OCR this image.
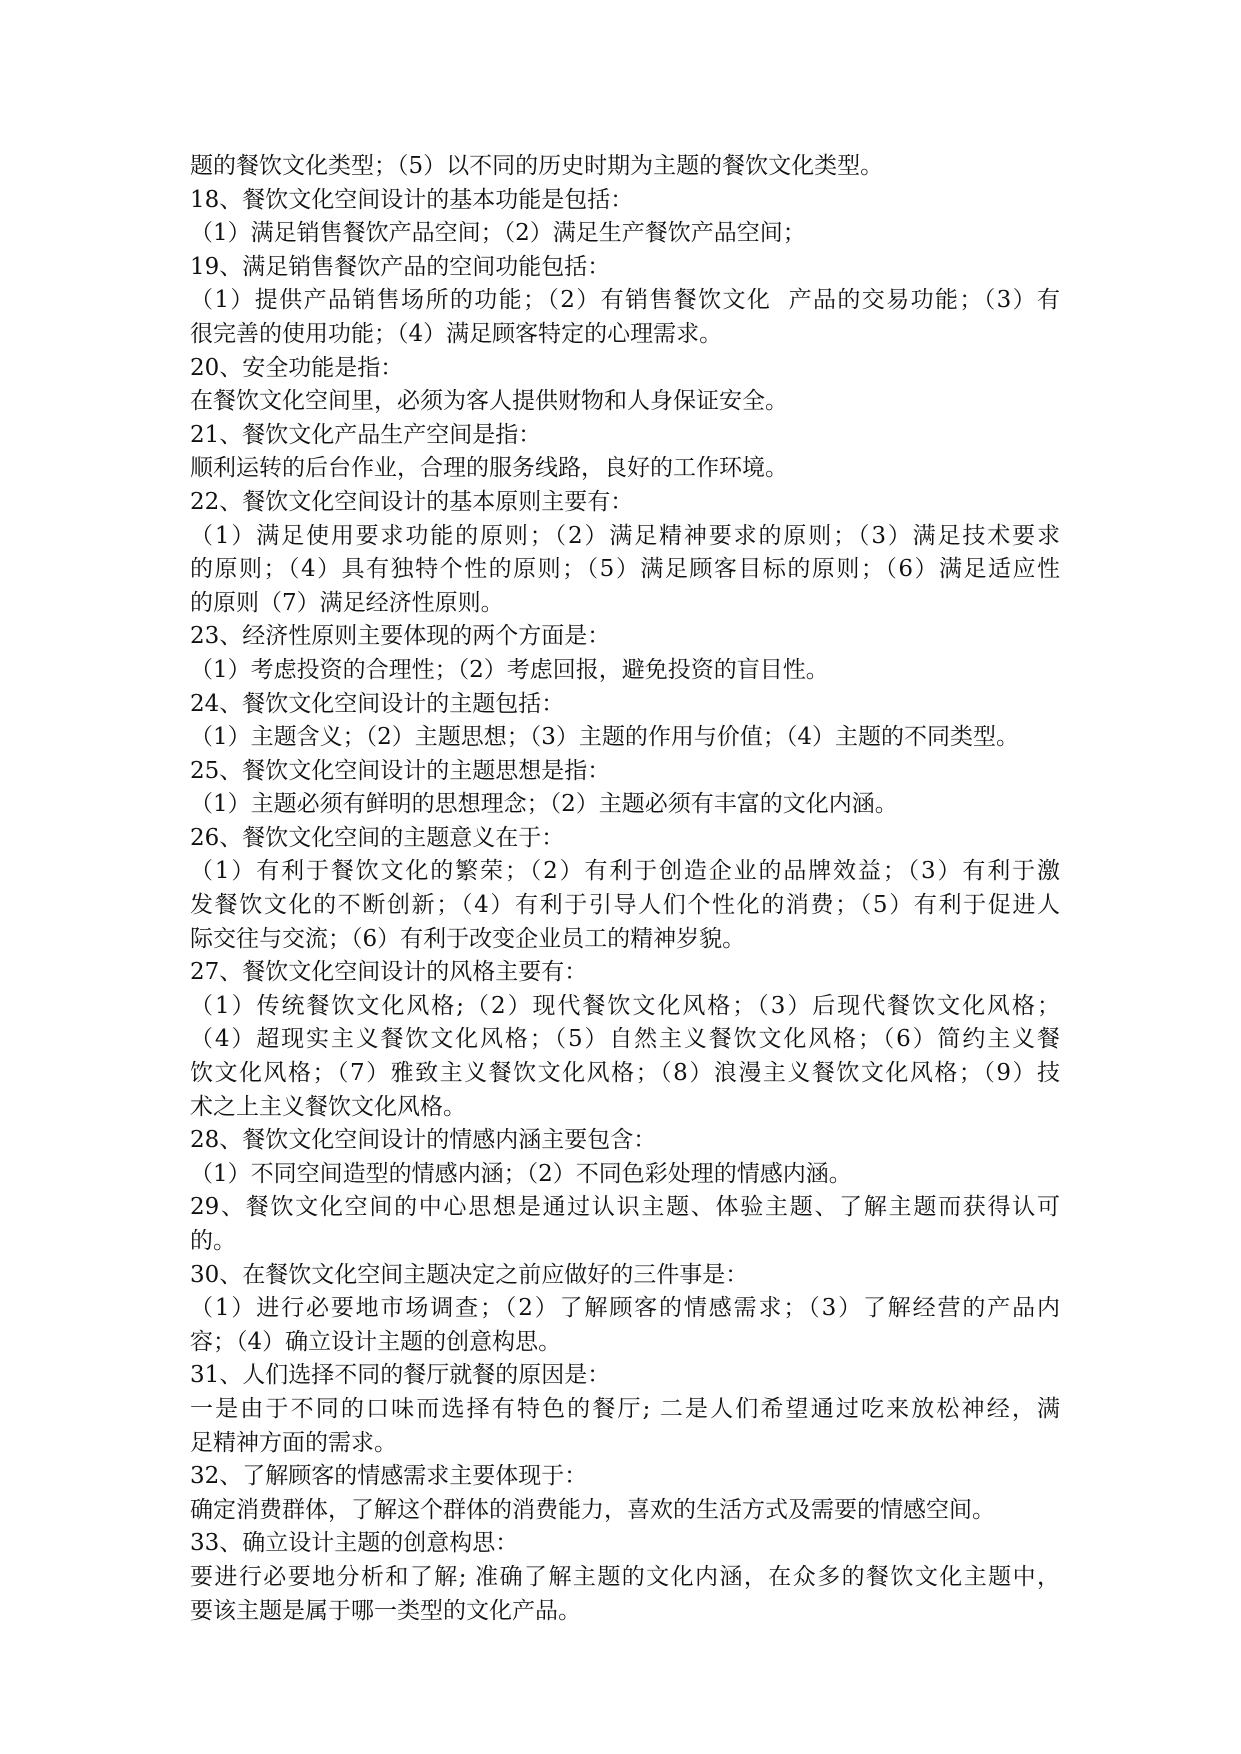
题的餐饮文化类型；（5）以不同的历史时期为主题的餐饮文化类型。
18、餐饮文化空间设计的基本功能是包括：
（1）满足销售餐饮产品空间；（2）满足生产餐饮产品空间；
19、满足销售餐饮产品的空间功能包括：
（1）提供产品销售场所的功能；（2）有销售餐饮文化  产品的交易功能；（3）有
很完善的使用功能；（4）满足顾客特定的心理需求。
20、安全功能是指：
在餐饮文化空间里，必须为客人提供财物和人身保证安全。
21、餐饮文化产品生产空间是指：
顺利运转的后台作业，合理的服务线路，良好的工作环境。
22、餐饮文化空间设计的基本原则主要有：
（1）满足使用要求功能的原则；（2）满足精神要求的原则；（3）满足技术要求
的原则；（4）具有独特个性的原则；（5）满足顾客目标的原则；（6）满足适应性
的原则（7）满足经济性原则。
23、经济性原则主要体现的两个方面是：
（1）考虑投资的合理性；（2）考虑回报，避免投资的盲目性。
24、餐饮文化空间设计的主题包括：
（1）主题含义；（2）主题思想；（3）主题的作用与价值；（4）主题的不同类型。
25、餐饮文化空间设计的主题思想是指：
（1）主题必须有鲜明的思想理念；（2）主题必须有丰富的文化内涵。
26、餐饮文化空间的主题意义在于：
（1）有利于餐饮文化的繁荣；（2）有利于创造企业的品牌效益；（3）有利于激
发餐饮文化的不断创新；（4）有利于引导人们个性化的消费；（5）有利于促进人
际交往与交流；（6）有利于改变企业员工的精神岁貌。
27、餐饮文化空间设计的风格主要有：
（1）传统餐饮文化风格;（2）现代餐饮文化风格；（3）后现代餐饮文化风格；
（4）超现实主义餐饮文化风格；（5）自然主义餐饮文化风格；（6）简约主义餐
饮文化风格；（7）雅致主义餐饮文化风格；（8）浪漫主义餐饮文化风格；（9）技
术之上主义餐饮文化风格。
28、餐饮文化空间设计的情感内涵主要包含：
（1）不同空间造型的情感内涵；（2）不同色彩处理的情感内涵。
29、餐饮文化空间的中心思想是通过认识主题、体验主题、了解主题而获得认可
的。
30、在餐饮文化空间主题决定之前应做好的三件事是：
（1）进行必要地市场调查；（2）了解顾客的情感需求；（3）了解经营的产品内
容；（4）确立设计主题的创意构思。
31、人们选择不同的餐厅就餐的原因是：
一是由于不同的口味而选择有特色的餐厅; 二是人们希望通过吃来放松神经，满
足精神方面的需求。
32、了解顾客的情感需求主要体现于：
确定消费群体，了解这个群体的消费能力，喜欢的生活方式及需要的情感空间。
33、确立设计主题的创意构思：
要进行必要地分析和了解; 准确了解主题的文化内涵，在众多的餐饮文化主题中，
要该主题是属于哪一类型的文化产品。
